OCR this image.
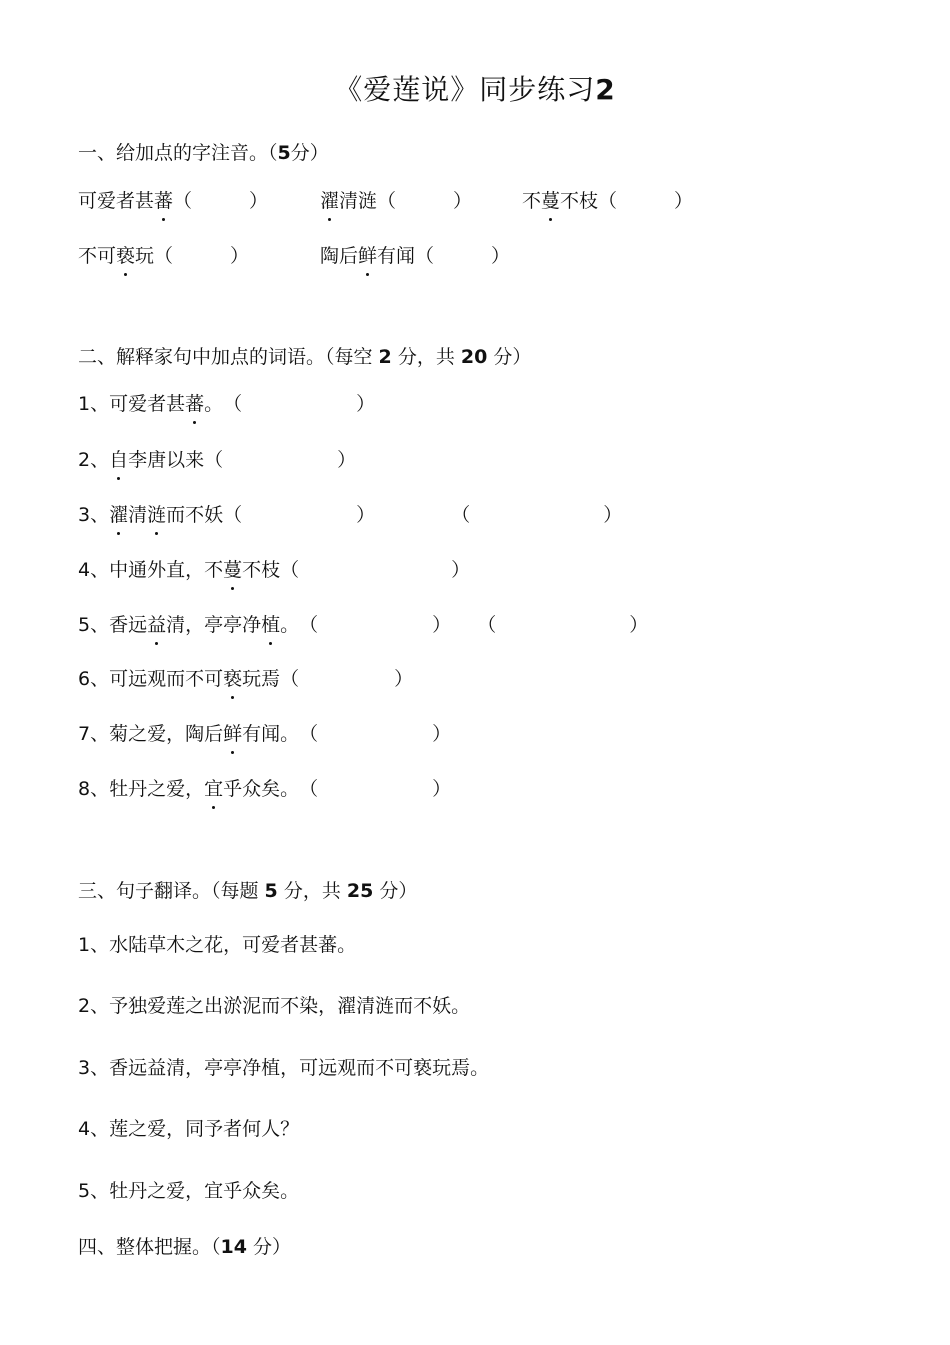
《爱莲说》同步练习2
一、给加点的字注音。（5分）
可爱者甚蕃（　　　）	濯清涟（　　　）	不蔓不枝（　　　）
不可亵玩（　　　）	陶后鲜有闻（　　　）
二、解释家句中加点的词语。（每空 2 分，共 20 分）
1、可爱者甚蕃。（　　　　　　）
2、自李唐以来（　　　　　　）
3、濯清涟而不妖（　　　　　　）	（　　　　　　　）
4、中通外直，不蔓不枝（　　　　　　　　）
5、香远益清，亭亭净植。（　　　　　　） （　　　　　　　）
6、可远观而不可亵玩焉（　　　　　）
7、菊之爱，陶后鲜有闻。（　　　　　　）
8、牡丹之爱，宜乎众矣。（　　　　　　）
三、句子翻译。（每题 5 分，共 25 分）
1、水陆草木之花，可爱者甚蕃。
2、予独爱莲之出淤泥而不染，濯清涟而不妖。
3、香远益清，亭亭净植，可远观而不可亵玩焉。
4、莲之爱，同予者何人？
5、牡丹之爱，宜乎众矣。
四、整体把握。（14 分）
